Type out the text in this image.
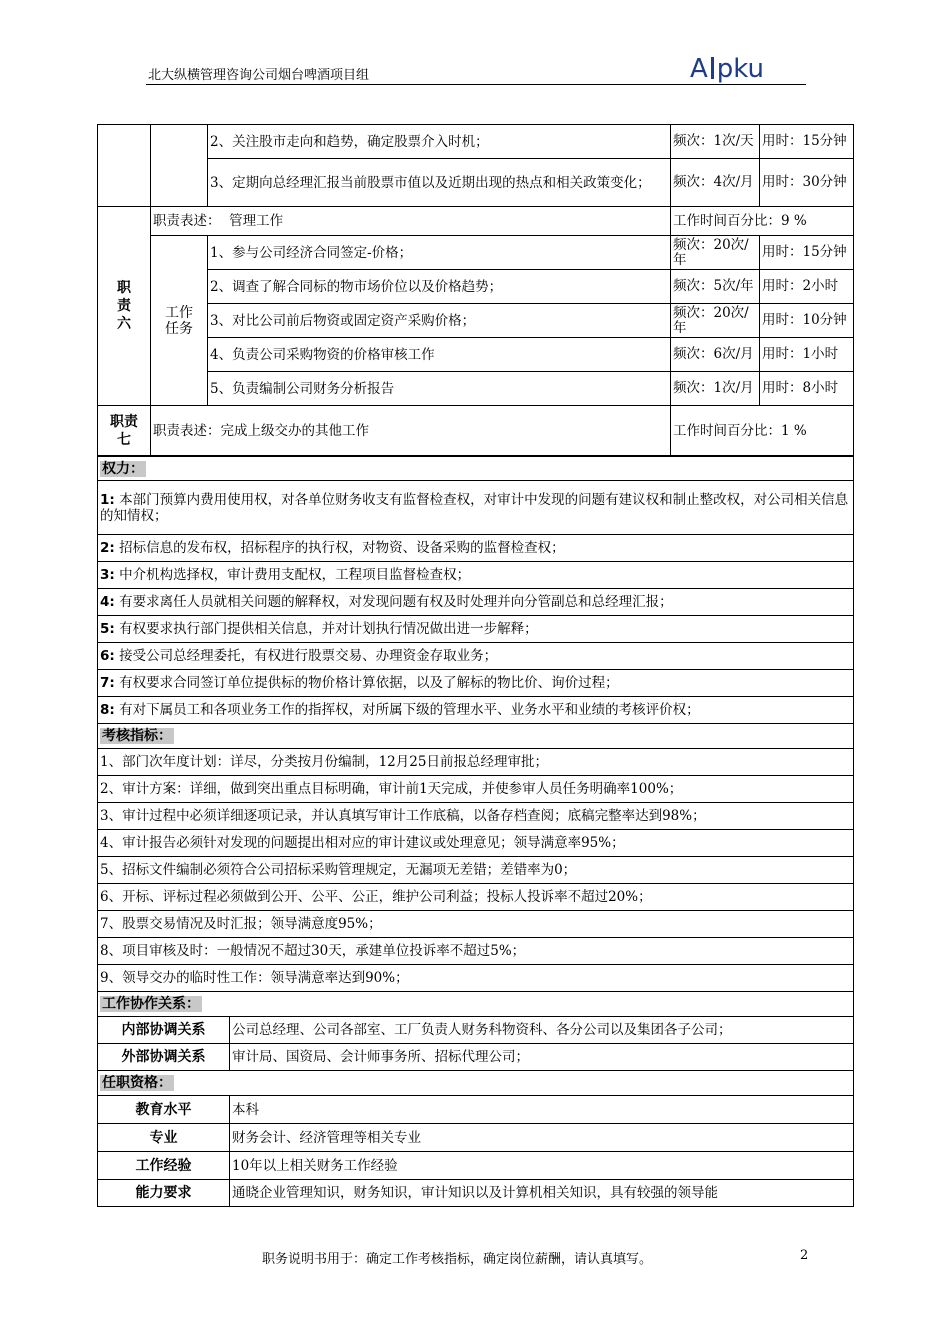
北大纵横管理咨询公司烟台啤酒项目组	A pku
		2、关注股市走向和趋势，确定股票介入时机；	频次：1次/天	用时：15分钟
		3、定期向总经理汇报当前股票市值以及近期出现的热点和相关政策变化；	频次：4次/月	用时：30分钟
职责六	职责表述： 管理工作		工作时间百分比：9 %	
	工作任务	1、参与公司经济合同签定-价格；	频次：20次/年	用时：15分钟
		2、调查了解合同标的物市场价位以及价格趋势；	频次：5次/年	用时：2小时
		3、对比公司前后物资或固定资产采购价格；	频次：20次/年	用时：10分钟
		4、负责公司采购物资的价格审核工作	频次：6次/月	用时：1小时
		5、负责编制公司财务分析报告	频次：1次/月	用时：8小时
职责七	职责表述：完成上级交办的其他工作		工作时间百分比：1 %	
权力：	
1: 本部门预算内费用使用权，对各单位财务收支有监督检查权，对审计中发现的问题有建议权和制止整改权，对公司相关信息的知情权；	
2: 招标信息的发布权，招标程序的执行权，对物资、设备采购的监督检查权；	
3: 中介机构选择权，审计费用支配权，工程项目监督检查权；	
4: 有要求离任人员就相关问题的解释权，对发现问题有权及时处理并向分管副总和总经理汇报；	
5: 有权要求执行部门提供相关信息，并对计划执行情况做出进一步解释；	
6: 接受公司总经理委托，有权进行股票交易、办理资金存取业务；	
7: 有权要求合同签订单位提供标的物价格计算依据，以及了解标的物比价、询价过程；	
8: 有对下属员工和各项业务工作的指挥权，对所属下级的管理水平、业务水平和业绩的考核评价权；	
考核指标：	
1、部门次年度计划：详尽，分类按月份编制，12月25日前报总经理审批；	
2、审计方案：详细，做到突出重点目标明确，审计前1天完成，并使参审人员任务明确率100%；	
3、审计过程中必须详细逐项记录，并认真填写审计工作底稿，以备存档查阅；底稿完整率达到98%；	
4、审计报告必须针对发现的问题提出相对应的审计建议或处理意见；领导满意率95%；	
5、招标文件编制必须符合公司招标采购管理规定，无漏项无差错；差错率为0；	
6、开标、评标过程必须做到公开、公平、公正，维护公司利益；投标人投诉率不超过20%；	
7、股票交易情况及时汇报；领导满意度95%；	
8、项目审核及时：一般情况不超过30天，承建单位投诉率不超过5%；	
9、领导交办的临时性工作：领导满意率达到90%；	
工作协作关系：	
内部协调关系	公司总经理、公司各部室、工厂负责人财务科物资科、各分公司以及集团各子公司；
外部协调关系	审计局、国资局、会计师事务所、招标代理公司；
任职资格：	
教育水平	本科
专业	财务会计、经济管理等相关专业
工作经验	10年以上相关财务工作经验
能力要求	通晓企业管理知识，财务知识，审计知识以及计算机相关知识，具有较强的领导能
职务说明书用于：确定工作考核指标，确定岗位薪酬，请认真填写。	2
